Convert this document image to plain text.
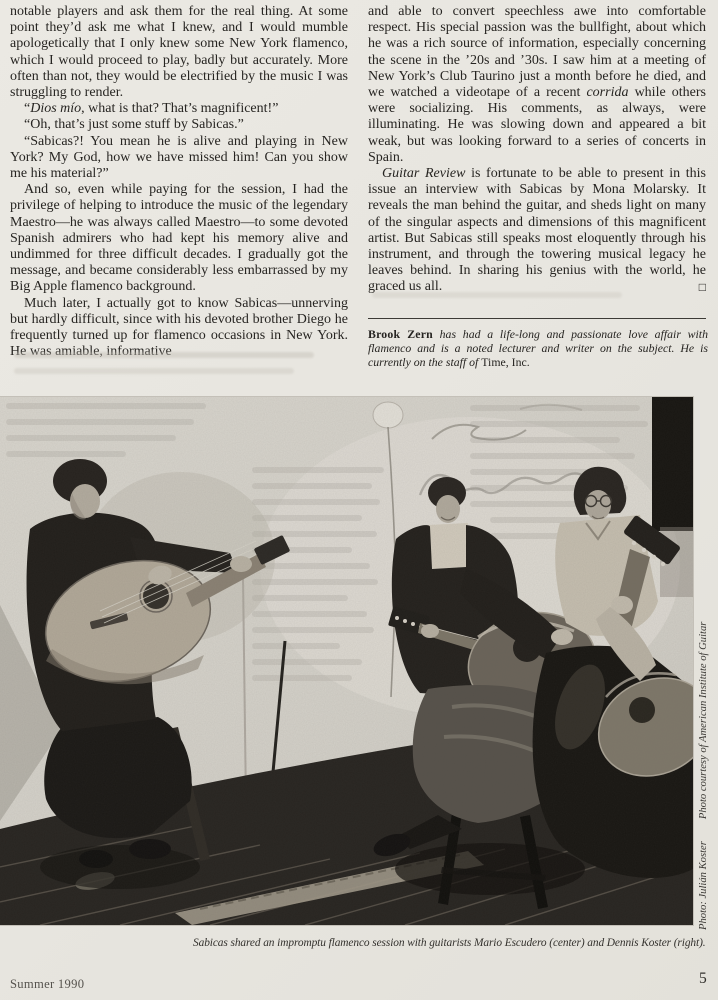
notable players and ask them for the real thing. At some point they’d ask me what I knew, and I would mumble apologetically that I only knew some New York flamenco, which I would proceed to play, badly but accurately. More often than not, they would be electrified by the music I was struggling to render.

“Dios mío, what is that? That’s magnificent!”

“Oh, that’s just some stuff by Sabicas.”

“Sabicas?! You mean he is alive and playing in New York? My God, how we have missed him! Can you show me his material?”

And so, even while paying for the session, I had the privilege of helping to introduce the music of the legendary Maestro—he was always called Maestro—to some devoted Spanish admirers who had kept his memory alive and undimmed for three difficult decades. I gradually got the message, and became considerably less embarrassed by my Big Apple flamenco background.

Much later, I actually got to know Sabicas—unnerving but hardly difficult, since with his devoted brother Diego he frequently turned up for flamenco occasions in New York. He was amiable, informative

and able to convert speechless awe into comfortable respect. His special passion was the bullfight, about which he was a rich source of information, especially concerning the scene in the ’20s and ’30s. I saw him at a meeting of New York’s Club Taurino just a month before he died, and we watched a videotape of a recent corrida while others were socializing. His comments, as always, were illuminating. He was slowing down and appeared a bit weak, but was looking forward to a series of concerts in Spain.

Guitar Review is fortunate to be able to present in this issue an interview with Sabicas by Mona Molarsky. It reveals the man behind the guitar, and sheds light on many of the singular aspects and dimensions of this magnificent artist. But Sabicas still speaks most eloquently through his instrument, and through the towering musical legacy he leaves behind. In sharing his genius with the world, he graced us all.	□

Brook Zern has had a life-long and passionate love affair with flamenco and is a noted lecturer and writer on the subject. He is currently on the staff of Time, Inc.
Sabicas shared an impromptu flamenco session with guitarists Mario Escudero (center) and Dennis Koster (right).
Photo: Julián Koster
Photo courtesy of American Institute of Guitar
Summer 1990	5
